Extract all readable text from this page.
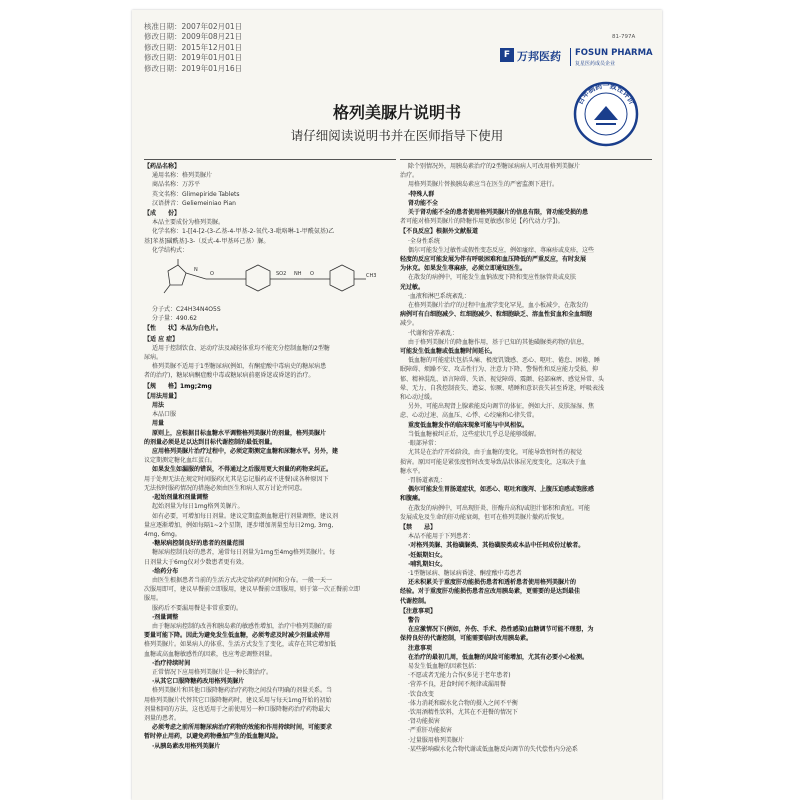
核准日期：2007年02月01日
修改日期：2009年08月21日
修改日期：2015年12月01日
修改日期：2019年01月01日
修改日期：2019年01月16日
81-797A
F 万邦医药 FOSUN PHARMA
复星医药成员企业
百年制药一致性评价
格列美脲片说明书
请仔细阅读说明书并在医师指导下使用
【药品名称】
通用名称：格列美脲片
商品名称：万苏平
英文名称：Glimepiride Tablets
汉语拼音：Geliemeiniao Pian
【成　　份】
本品主要成份为格列美脲。
化学名称：1-[[4-[2-(3-乙基-4-甲基-2-氧代-3-吡咯啉-1-甲酰氨基)乙
基]苯基]磺酰基]-3-（反式-4-甲基环己基）脲。
化学结构式：
N
O	SO2 NH O	CH3
分子式：C24H34N4O5S
分子量：490.62
【性　　状】本品为白色片。
【适 应 症】
适用于控制饮食、运动疗法及减轻体重均不能充分控制血糖的2型糖
尿病。
格列美脲不适用于1型糖尿病(例如，有酮症酸中毒病史的糖尿病患
者的治疗)，糖尿病酮症酸中毒或糖尿病前驱昏迷或昏迷的治疗。
【规　　格】1mg;2mg
【用法用量】
用法
本品口服
用量
原则上，应根据目标血糖水平调整格列美脲片的剂量，格列美脲片
的剂量必须是足以达到目标代谢控制的最低剂量。
应用格列美脲片治疗过程中，必须定期测定血糖和尿糖水平。另外，建
议定期测定糖化血红蛋白。
如果发生如漏服的错误，不得通过之后服用更大剂量的药物来纠正。
用于处理无法在规定时间服药(尤其是忘记服药或不进餐)或各种原因下
无法按时服药情况的措施必须由医生和病人双方讨论并同意。
·起始剂量和剂量调整
起始剂量为每日1mg格列美脲片。
如有必要，可增加每日剂量。建议定期监测血糖进行剂量调整，建议剂
量应逐渐增加，例如每隔1~2个星期，逐步增加剂量至每日2mg, 3mg,
4mg, 6mg。
·糖尿病控制良好的患者的剂量范围
糖尿病控制良好的患者，通常每日剂量为1mg至4mg格列美脲片。每
日剂量大于6mg仅对少数患者更有效。
·给药分布
由医生根据患者当前的生活方式决定给药的时间和分布。一般一天一
次服用即可，建议早餐前立即服用，建议早餐前立即服用，则于第一次正餐前立即
服用。
服药后不要漏用餐是非常重要的。
·剂量调整
由于糖尿病控制的改善和胰岛素的敏感性增加，治疗中格列美脲的需
要量可能下降。因此为避免发生低血糖，必须考虑及时减少剂量或停用
格列美脲片。如果病人的体重、生活方式发生了变化，或存在其它增加低
血糖或高血糖敏感性的因素，也应考虑调整剂量。
·治疗持续时间
正常情况下应用格列美脲片是一种长期治疗。
·从其它口服降糖药改用格列美脲片
格列美脲片和其他口服降糖药治疗药物之间没有明确的剂量关系。当
用格列美脲片代替其它口服降糖药时，建议采用与每天1mg开始的初始
剂量相同的方法，这也适用于之前使用另一种口服降糖药治疗药物最大
剂量的患者。
必须考虑之前所用糖尿病治疗药物的效能和作用持续时间，可能要求
暂时停止用药，以避免药物叠加产生的低血糖风险。
·从胰岛素改用格列美脲片
除个别情况外，用胰岛素治疗的2型糖尿病病人可改用格列美脲片
治疗。
用格列美脲片替换胰岛素应当在医生的严密监测下进行。
·特殊人群
肾功能不全
关于肾功能不全的患者使用格列美脲片的信息有限，肾功能受损的患
者可能对格列美脲片的降糖作用更敏感(参见【药代动力学】)。
【不良反应】根据外文献报道
·全身性系统
偶尔可能发生过敏性或假性变态反应，例如瘙痒、荨麻疹或皮疹，这些
轻度的反应可能发展为伴有呼吸困难和血压降低的严重反应，有时发展
为休克。如果发生荨麻疹，必须立即通知医生。
在散发的病例中，可能发生血钠浓度下降和变应性脉管炎或皮肤
光过敏。
·血液和淋巴系统紊乱：
在格列美脲片治疗的过程中血液学变化罕见，血小板减少，在散发的
病例可有白细胞减少、红细胞减少、粒细胞缺乏、溶血性贫血和全血细胞
减少。
·代谢和营养紊乱：
由于格列美脲片的降血糖作用，基于已知的其他磺脲类药物的信息，
可能发生低血糖或低血糖时间延长。
低血糖的可能症状包括头痛、极度饥饿感、恶心、呕吐、倦怠、困倦、睡
眠障碍、烦躁不安、攻击性行为、注意力下降、警惕性和反应能力受损，抑
郁、精神混乱、语言障碍、失语、视觉障碍、震颤、轻部麻痹、感觉异常、头
晕、无力、自我控制丧失、谵妄、惊厥、嗜睡和意识丧失甚至昏迷，呼吸表浅
和心动过缓。
另外，可能出现肾上腺素能反向调节的体征，例如大汗、皮肤湿湿、焦
虑、心动过速、高血压、心悸、心绞痛和心律失常。
重度低血糖发作的临床现象可能与中风相似。
当低血糖被纠正后，这些症状几乎总是能够缓解。
·眼部异常：
尤其是在治疗开始阶段，由于血糖的变化，可能导致暂时性的视觉
损害。原因可能是紧张度暂时改变导致晶状体屈光度变化，这取决于血
糖水平。
·胃肠道紊乱：
偶尔可能发生胃肠道症状，如恶心、呕吐和腹泻、上腹压迫感或饱胀感
和腹痛。
在散发的病例中，可出现肝炎、肝酶升高和/或胆汁郁积和黄疸。可能
发展成危及生命的肝功能衰竭，但可在格列美脲片撤药后恢复。
【禁　　忌】
本品不能用于下列患者：
·对格列美脲、其他磺脲类、其他磺胺类或本品中任何成份过敏者。
·妊娠期妇女。
·哺乳期妇女。
·1型糖尿病、糖尿病昏迷、酮症酸中毒患者
还未积累关于重度肝功能损伤患者和透析患者使用格列美脲片的
经验。对于重度肝功能损伤患者应改用胰岛素，更需要的是达到最佳
代谢控制。
【注意事项】
警告
在应激情况下(例如，外伤、手术、热性感染)血糖调节可能不理想，为
保持良好的代谢控制，可能需要临时改用胰岛素。
注意事项
在治疗的最初几周，低血糖的风险可能增加，尤其有必要小心检测。
易发生低血糖的因素包括：
·不愿或者无能力合作(多见于老年患者)
·营养不良，进食时间不规律或漏用餐
·饮食改变
·体力消耗和碳水化合物的摄入之间不平衡
·饮用酒精性饮料，尤其在不进餐的情况下
·肾功能损害
·严重肝功能损害
·过量服用格列美脲片
·某些影响碳水化合物代谢或低血糖反向调节的失代偿性内分泌系
